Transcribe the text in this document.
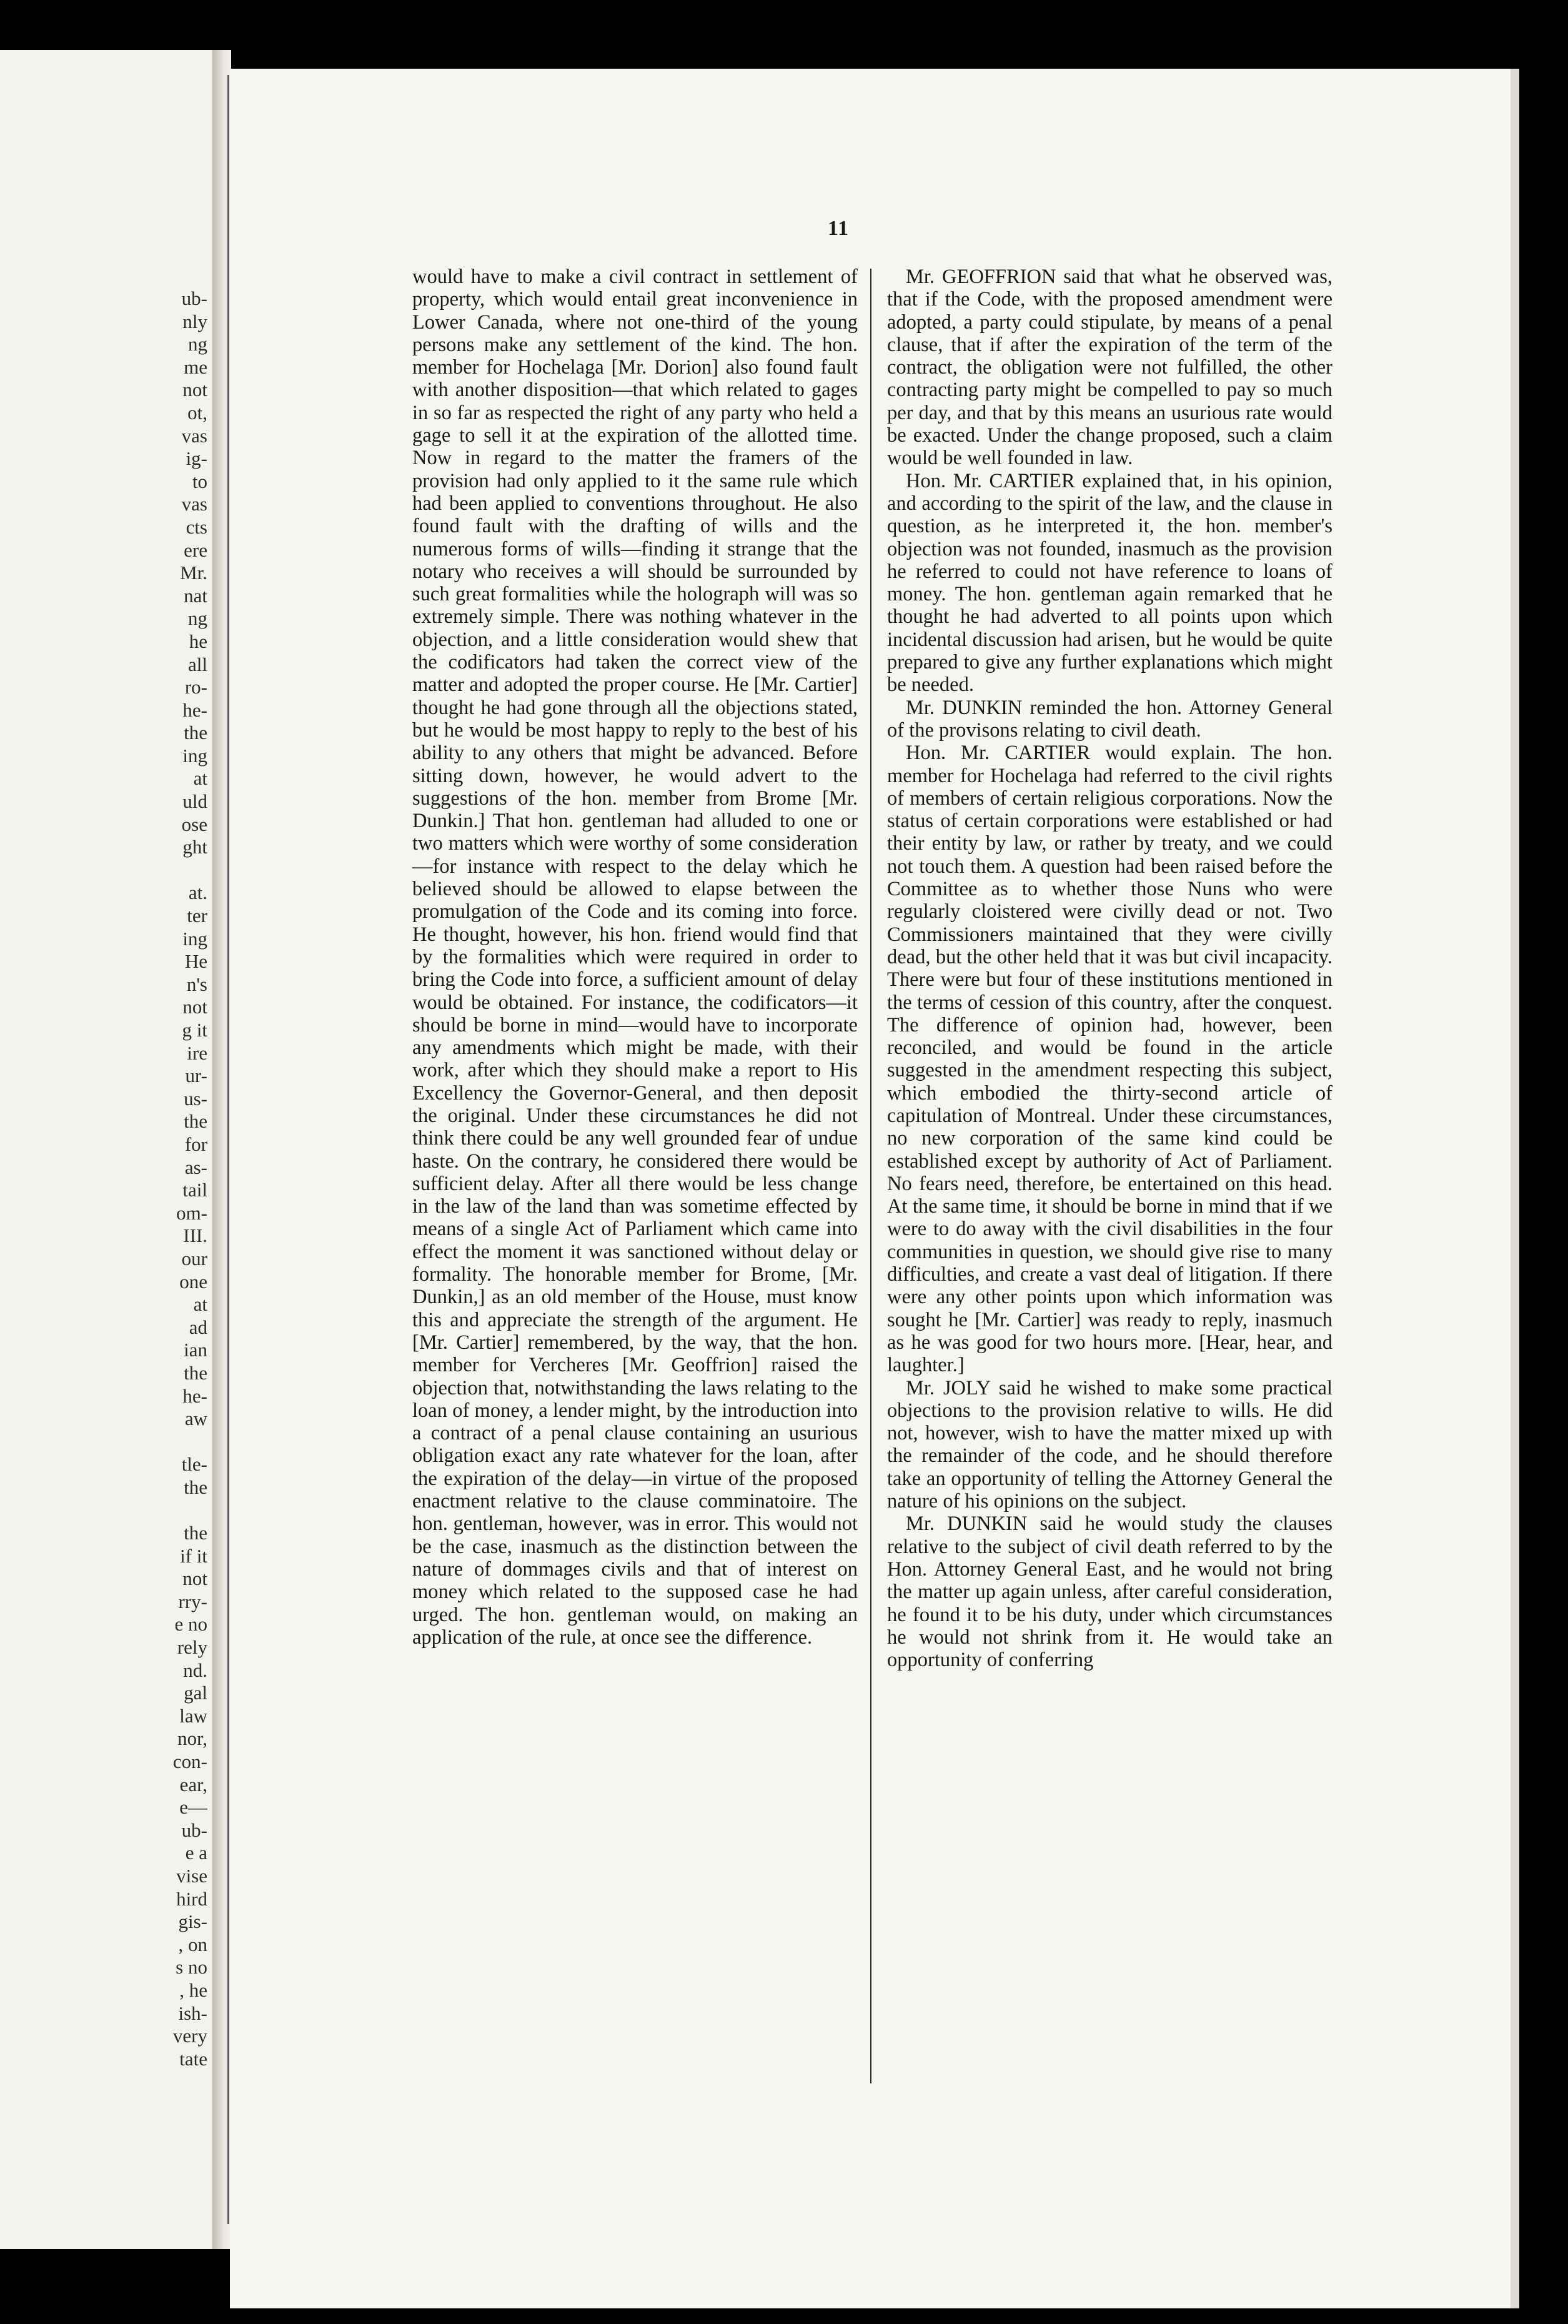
ub-
nly
ng
me
not
ot,
vas
ig-
to
vas
cts
ere
Mr.
nat
ng
he
all
ro-
he-
the
ing
at
uld
ose
ght
at.
ter
ing
He
n's
not
g it
ire
ur-
us-
the
for
as-
tail
om-
III.
our
one
at
ad
ian
the
he-
aw
tle-
the
the
if it
not
rry-
e no
rely
nd.
gal
law
nor,
con-
ear,
e—
ub-
e a
vise
hird
gis-
, on
s no
, he
ish-
very
tate
11

would have to make a civil contract in settlement of property, which would entail great inconvenience in Lower Canada, where not one-third of the young persons make any settlement of the kind. The hon. member for Hochelaga [Mr. Dorion] also found fault with another disposition—that which related to gages in so far as respected the right of any party who held a gage to sell it at the expiration of the allotted time. Now in regard to the matter the framers of the provision had only applied to it the same rule which had been applied to conventions throughout. He also found fault with the drafting of wills and the numerous forms of wills—finding it strange that the notary who receives a will should be surrounded by such great formalities while the holograph will was so extremely simple. There was nothing whatever in the objection, and a little consideration would shew that the codificators had taken the correct view of the matter and adopted the proper course. He [Mr. Cartier] thought he had gone through all the objections stated, but he would be most happy to reply to the best of his ability to any others that might be advanced. Before sitting down, however, he would advert to the suggestions of the hon. member from Brome [Mr. Dunkin.] That hon. gentleman had alluded to one or two matters which were worthy of some consideration—for instance with respect to the delay which he believed should be allowed to elapse between the promulgation of the Code and its coming into force. He thought, however, his hon. friend would find that by the formalities which were required in order to bring the Code into force, a sufficient amount of delay would be obtained. For instance, the codificators—it should be borne in mind—would have to incorporate any amendments which might be made, with their work, after which they should make a report to His Excellency the Governor-General, and then deposit the original. Under these circumstances he did not think there could be any well grounded fear of undue haste. On the contrary, he considered there would be sufficient delay. After all there would be less change in the law of the land than was sometime effected by means of a single Act of Parliament which came into effect the moment it was sanctioned without delay or formality. The honorable member for Brome, [Mr. Dunkin,] as an old member of the House, must know this and appreciate the strength of the argument. He [Mr. Cartier] remembered, by the way, that the hon. member for Vercheres [Mr. Geoffrion] raised the objection that, notwithstanding the laws relating to the loan of money, a lender might, by the introduction into a contract of a penal clause containing an usurious obligation exact any rate whatever for the loan, after the expiration of the delay—in virtue of the proposed enactment relative to the clause comminatoire. The hon. gentleman, however, was in error. This would not be the case, inasmuch as the distinction between the nature of dommages civils and that of interest on money which related to the supposed case he had urged. The hon. gentleman would, on making an application of the rule, at once see the difference.

Mr. GEOFFRION said that what he observed was, that if the Code, with the proposed amendment were adopted, a party could stipulate, by means of a penal clause, that if after the expiration of the term of the contract, the obligation were not fulfilled, the other contracting party might be compelled to pay so much per day, and that by this means an usurious rate would be exacted. Under the change proposed, such a claim would be well founded in law.

Hon. Mr. CARTIER explained that, in his opinion, and according to the spirit of the law, and the clause in question, as he interpreted it, the hon. member's objection was not founded, inasmuch as the provision he referred to could not have reference to loans of money. The hon. gentleman again remarked that he thought he had adverted to all points upon which incidental discussion had arisen, but he would be quite prepared to give any further explanations which might be needed.

Mr. DUNKIN reminded the hon. Attorney General of the provisons relating to civil death.

Hon. Mr. CARTIER would explain. The hon. member for Hochelaga had referred to the civil rights of members of certain religious corporations. Now the status of certain corporations were established or had their entity by law, or rather by treaty, and we could not touch them. A question had been raised before the Committee as to whether those Nuns who were regularly cloistered were civilly dead or not. Two Commissioners maintained that they were civilly dead, but the other held that it was but civil incapacity. There were but four of these institutions mentioned in the terms of cession of this country, after the conquest. The difference of opinion had, however, been reconciled, and would be found in the article suggested in the amendment respecting this subject, which embodied the thirty-second article of capitulation of Montreal. Under these circumstances, no new corporation of the same kind could be established except by authority of Act of Parliament. No fears need, therefore, be entertained on this head. At the same time, it should be borne in mind that if we were to do away with the civil disabilities in the four communities in question, we should give rise to many difficulties, and create a vast deal of litigation. If there were any other points upon which information was sought he [Mr. Cartier] was ready to reply, inasmuch as he was good for two hours more. [Hear, hear, and laughter.]

Mr. JOLY said he wished to make some practical objections to the provision relative to wills. He did not, however, wish to have the matter mixed up with the remainder of the code, and he should therefore take an opportunity of telling the Attorney General the nature of his opinions on the subject.

Mr. DUNKIN said he would study the clauses relative to the subject of civil death referred to by the Hon. Attorney General East, and he would not bring the matter up again unless, after careful consideration, he found it to be his duty, under which circumstances he would not shrink from it. He would take an opportunity of conferring
